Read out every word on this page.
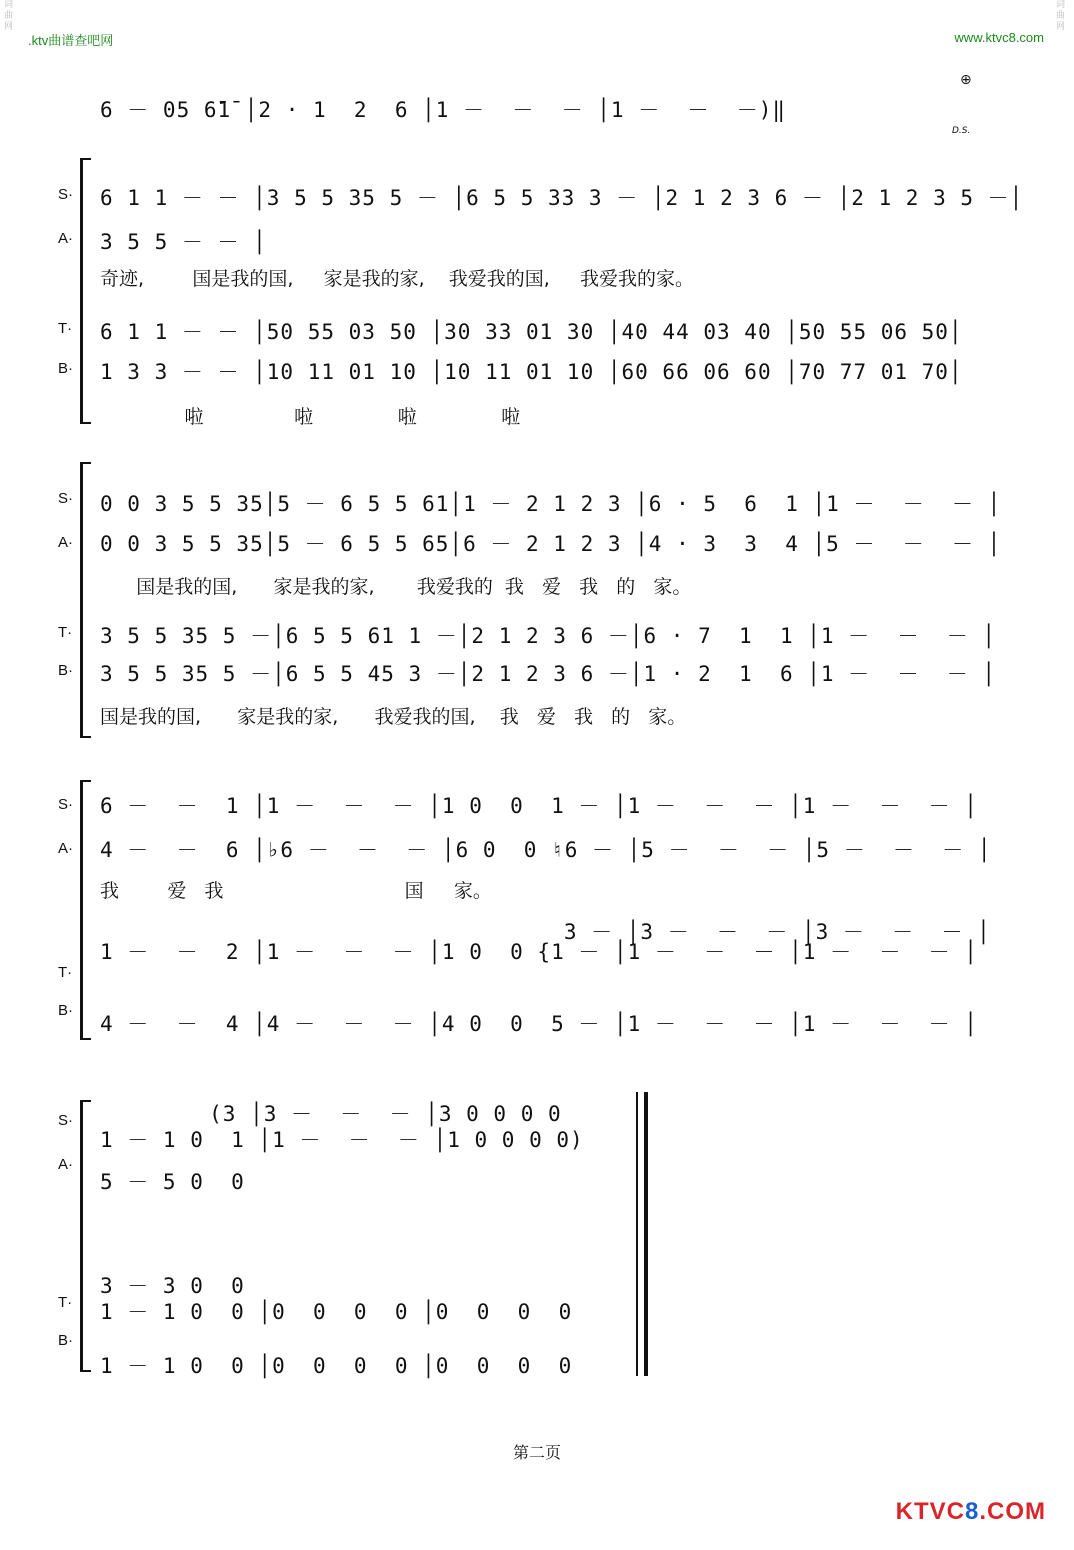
.ktv曲谱查吧网	www.ktvc8.com
词
曲
网
词
曲
网
6 － 05 6̄1̄ │2 · 1  2  6 │1 －  －  － │1 －  －  －)‖
D.S.
⊕
S·
A·
T·
B·
6 1 1 － － │3 5 5 35 5 － │6 5 5 33 3 － │2 1 2 3 6 － │2 1 2 3 5 －│
3 5 5 － － │
奇迹,        国是我的国,     家是我的家,    我爱我的国,     我爱我的家。
6 1 1 － － │50 55 03 50 │30 33 01 30 │40 44 03 40 │50 55 06 50│
1 3 3 － － │10 11 01 10 │10 11 01 10 │60 66 06 60 │70 77 01 70│
啦               啦              啦              啦
S·
A·
T·
B·
0 0 3 5 5 35│5 － 6 5 5 61│1 － 2 1 2 3 │6 · 5  6  1 │1 －  －  － │
0 0 3 5 5 35│5 － 6 5 5 65│6 － 2 1 2 3 │4 · 3  3  4 │5 －  －  － │
国是我的国,      家是我的家,       我爱我的  我   爱   我   的   家。
3 5 5 35 5 －│6 5 5 61 1 －│2 1 2 3 6 －│6 · 7  1  1 │1 －  －  － │
3 5 5 35 5 －│6 5 5 45 3 －│2 1 2 3 6 －│1 · 2  1  6 │1 －  －  － │
国是我的国,      家是我的家,      我爱我的国,    我   爱   我   的   家。
S·
A·
T·
B·
6 －  －  1 │1 －  －  － │1 0  0  1 － │1 －  －  － │1 －  －  － │
4 －  －  6 │♭6 －  －  － │6 0  0 ♮6 － │5 －  －  － │5 －  －  － │
我        爱   我                              国     家。
3 － │3 －  －  － │3 －  －  － │
1 －  －  2 │1 －  －  － │1 0  0 {1 － │1 －  －  － │1 －  －  － │
4 －  －  4 │4 －  －  － │4 0  0  5 － │1 －  －  － │1 －  －  － │
S·
A·
T·
B·
(3 │3 －  －  － │3 0 0 0 0
1 － 1 0  1 │1 －  －  － │1 0 0 0 0)
5 － 5 0  0
3 － 3 0  0
1 － 1 0  0 │0  0  0  0 │0  0  0  0
1 － 1 0  0 │0  0  0  0 │0  0  0  0
第二页
KTVC8.COM
